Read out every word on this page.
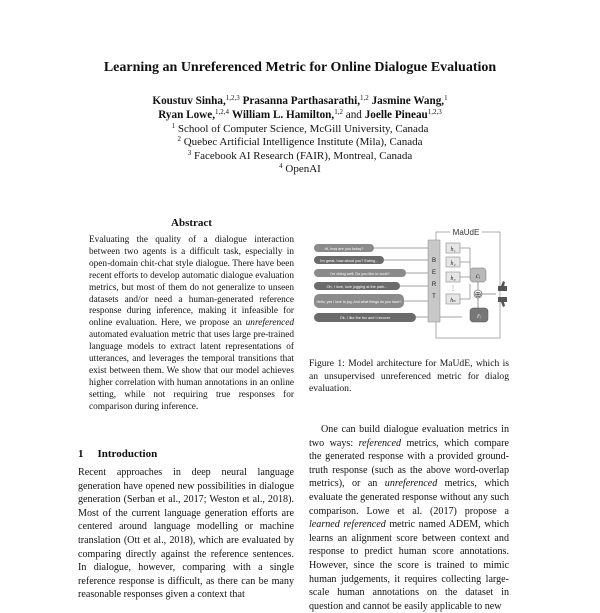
Learning an Unreferenced Metric for Online Dialogue Evaluation
Koustuv Sinha,$^{1,2,3}$ Prasanna Parthasarathi,$^{1,2}$ Jasmine Wang,$^1$
Ryan Lowe,$^{1,2,4}$ William L. Hamilton,$^{1,2}$ and Joelle Pineau$^{1,2,3}$
$^1$ School of Computer Science, McGill University, Canada
$^2$ Quebec Artificial Intelligence Institute (Mila), Canada
$^3$ Facebook AI Research (FAIR), Montreal, Canada
$^4$ OpenAI
Abstract
Evaluating the quality of a dialogue interaction between two agents is a difficult task, especially in open-domain chit-chat style dialogue. There have been recent efforts to develop automatic dialogue evaluation metrics, but most of them do not generalize to unseen datasets and/or need a human-generated reference response during inference, making it infeasible for online evaluation. Here, we propose an unreferenced automated evaluation metric that uses large pre-trained language models to extract latent representations of utterances, and leverages the temporal transitions that exist between them. We show that our model achieves higher correlation with human annotations in an online setting, while not requiring true responses for comparison during inference.
1 Introduction
Recent approaches in deep neural language generation have opened new possibilities in dialogue generation (Serban et al., 2017; Weston et al., 2018). Most of the current language generation efforts are centered around language modelling or machine translation (Ott et al., 2018), which are evaluated by comparing directly against the reference sentences. In dialogue, however, comparing with a single reference response is difficult, as there can be many reasonable responses given a context that
MaUdE
Hi, how are you today?
I'm great, how about you? Eating...
I'm doing well. Do you like to cook?
Oh, I love, love jogging at the park...
Hello, yes I love to jog. And what things do you have?
Ok, I like the fox and I recover
B
E
R
T
h₁
h₂
h₃
hₙ
⋮
cᵢ
⊕
rᵢ
Figure 1: Model architecture for MaUdE, which is an unsupervised unreferenced metric for dialog evaluation.

One can build dialogue evaluation metrics in two ways: referenced metrics, which compare the generated response with a provided ground-truth response (such as the above word-overlap metrics), or an unreferenced metrics, which evaluate the generated response without any such comparison. Lowe et al. (2017) propose a learned referenced metric named ADEM, which learns an alignment score between context and response to predict human score annotations. However, since the score is trained to mimic human judgements, it requires collecting large-scale human annotations on the dataset in question and cannot be easily applicable to new
